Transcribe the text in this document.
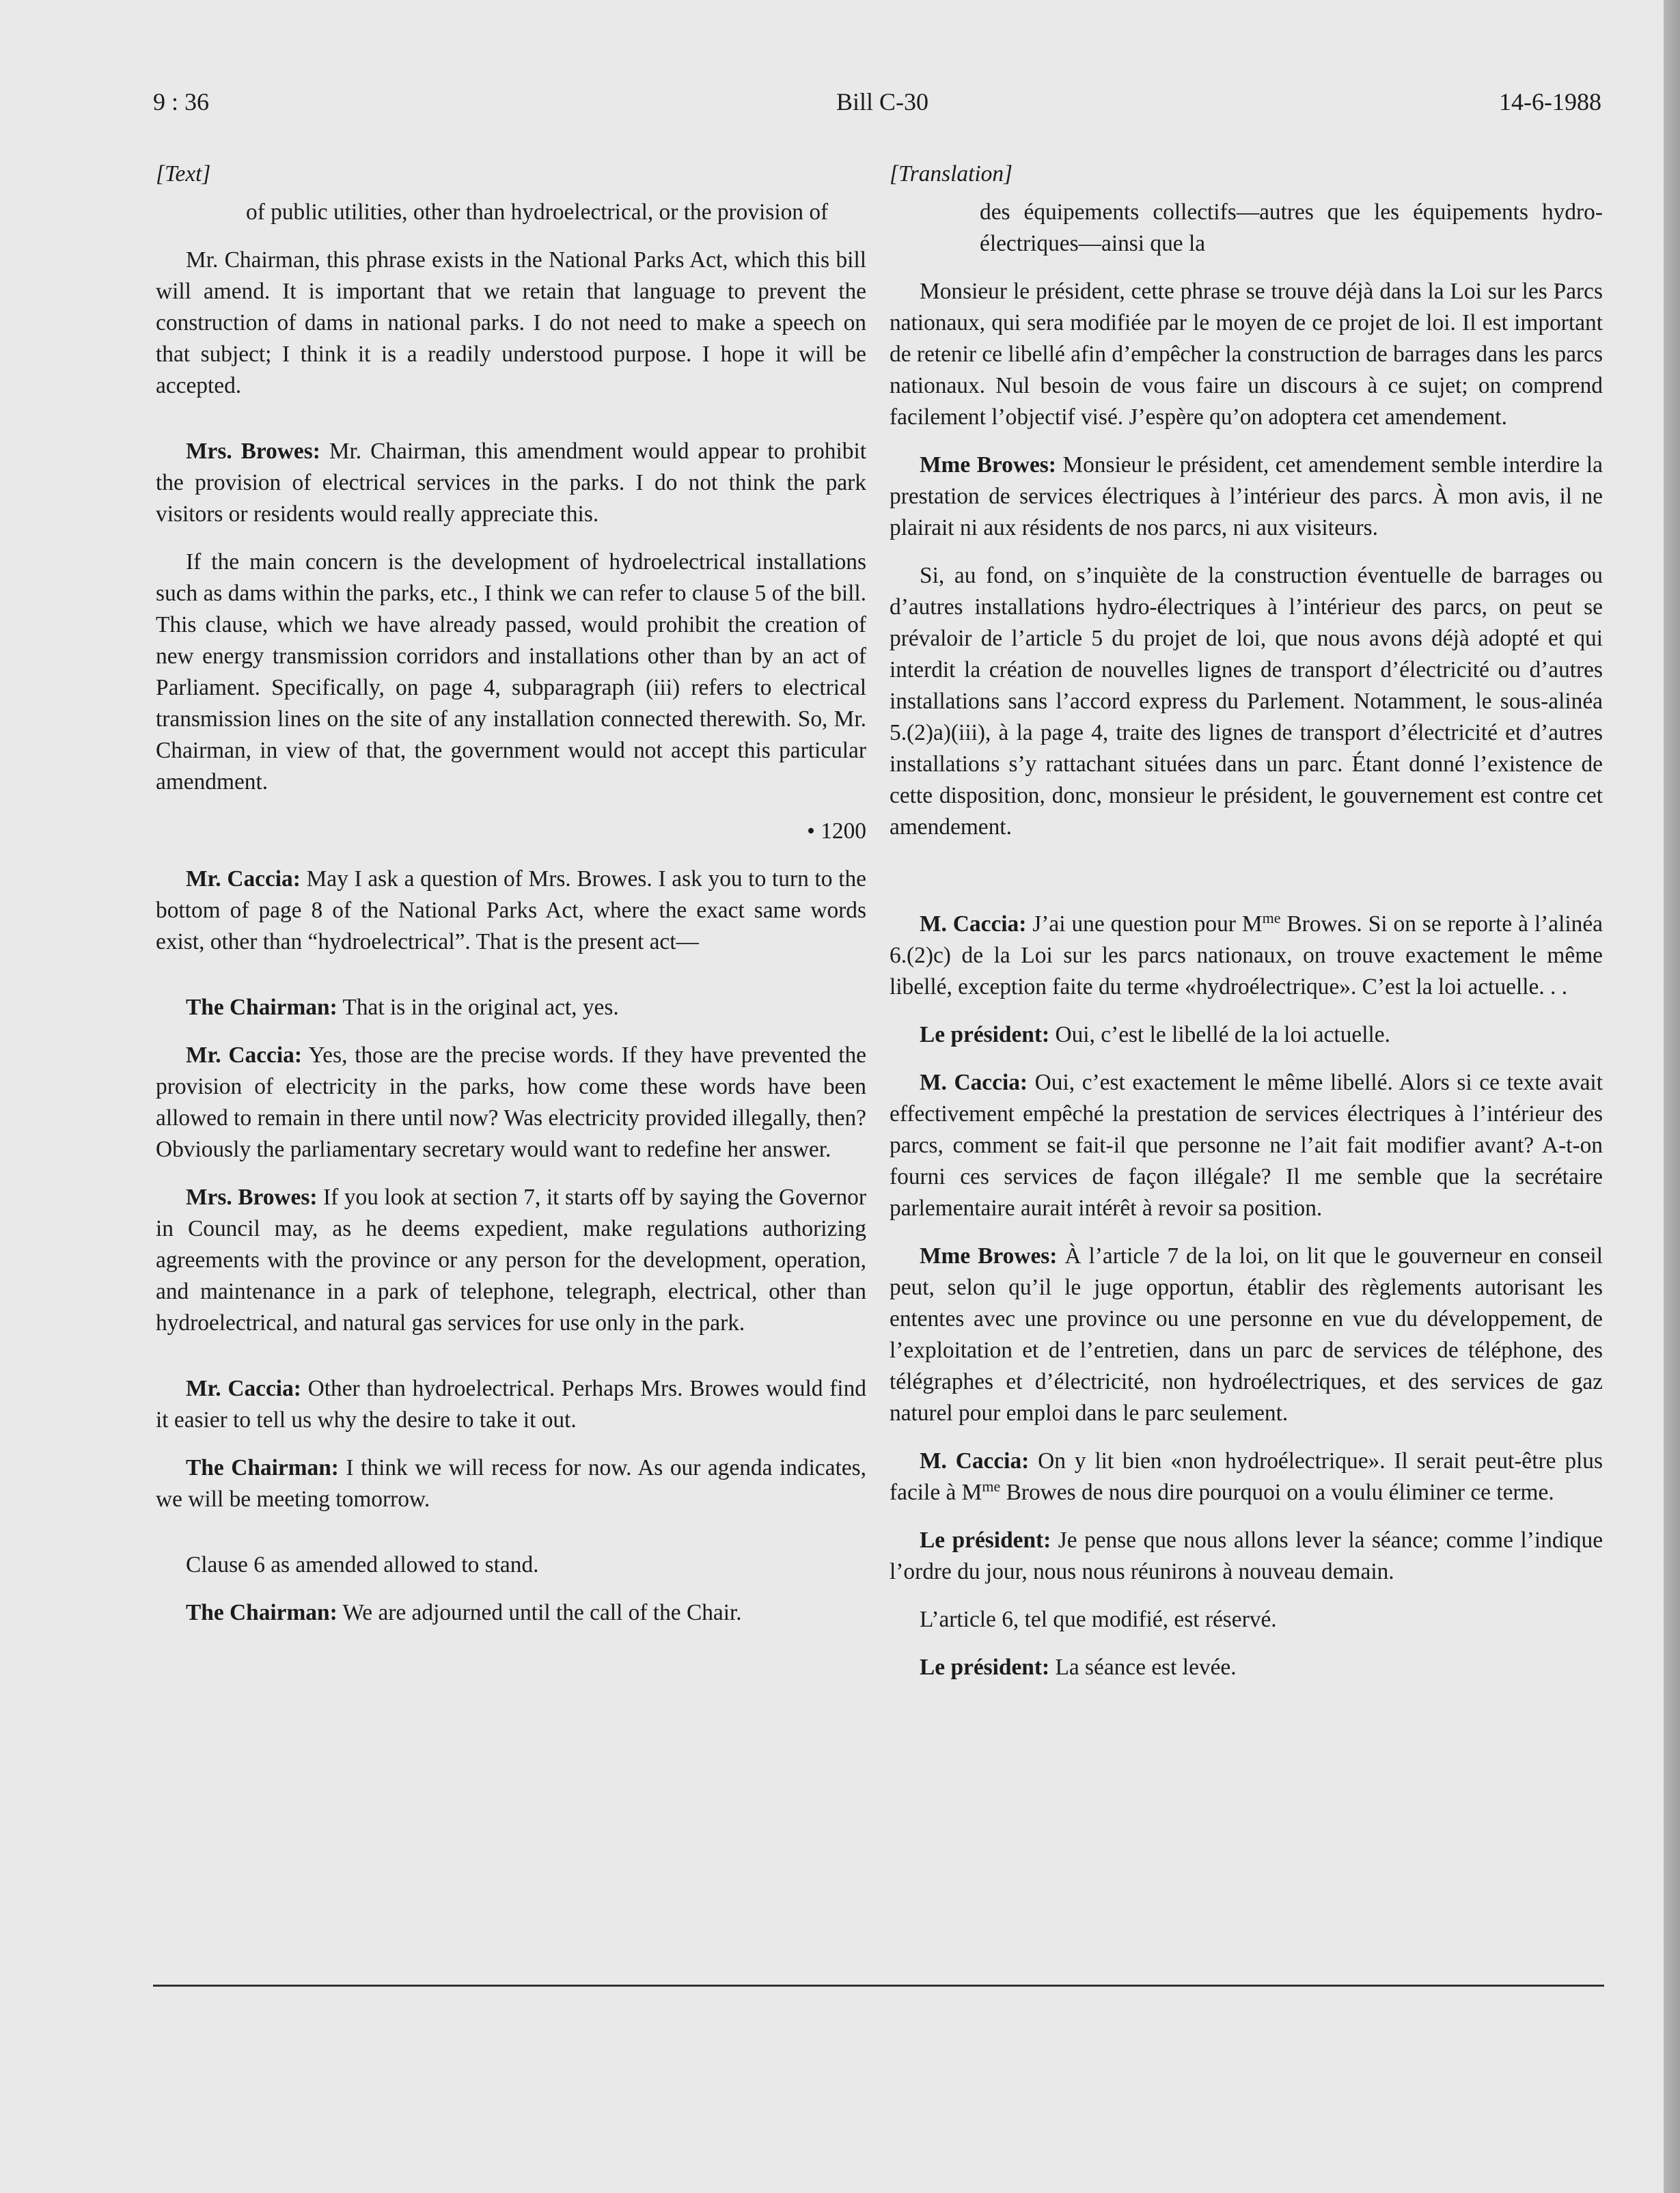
9 : 36	Bill C-30	14-6-1988
[Text]

of public utilities, other than hydroelectrical, or the provision of

Mr. Chairman, this phrase exists in the National Parks Act, which this bill will amend. It is important that we retain that language to prevent the construction of dams in national parks. I do not need to make a speech on that subject; I think it is a readily understood purpose. I hope it will be accepted.

Mrs. Browes: Mr. Chairman, this amendment would appear to prohibit the provision of electrical services in the parks. I do not think the park visitors or residents would really appreciate this.

If the main concern is the development of hydroelectrical installations such as dams within the parks, etc., I think we can refer to clause 5 of the bill. This clause, which we have already passed, would prohibit the creation of new energy transmission corridors and installations other than by an act of Parliament. Specifically, on page 4, subparagraph (iii) refers to electrical transmission lines on the site of any installation connected therewith. So, Mr. Chairman, in view of that, the government would not accept this particular amendment.

• 1200

Mr. Caccia: May I ask a question of Mrs. Browes. I ask you to turn to the bottom of page 8 of the National Parks Act, where the exact same words exist, other than “hydroelectrical”. That is the present act—

The Chairman: That is in the original act, yes.

Mr. Caccia: Yes, those are the precise words. If they have prevented the provision of electricity in the parks, how come these words have been allowed to remain in there until now? Was electricity provided illegally, then? Obviously the parliamentary secretary would want to redefine her answer.

Mrs. Browes: If you look at section 7, it starts off by saying the Governor in Council may, as he deems expedient, make regulations authorizing agreements with the province or any person for the development, operation, and maintenance in a park of telephone, telegraph, electrical, other than hydroelectrical, and natural gas services for use only in the park.

Mr. Caccia: Other than hydroelectrical. Perhaps Mrs. Browes would find it easier to tell us why the desire to take it out.

The Chairman: I think we will recess for now. As our agenda indicates, we will be meeting tomorrow.

Clause 6 as amended allowed to stand.

The Chairman: We are adjourned until the call of the Chair.

[Translation]

des équipements collectifs—autres que les équipements hydro-électriques—ainsi que la

Monsieur le président, cette phrase se trouve déjà dans la Loi sur les Parcs nationaux, qui sera modifiée par le moyen de ce projet de loi. Il est important de retenir ce libellé afin d’empêcher la construction de barrages dans les parcs nationaux. Nul besoin de vous faire un discours à ce sujet; on comprend facilement l’objectif visé. J’espère qu’on adoptera cet amendement.

Mme Browes: Monsieur le président, cet amendement semble interdire la prestation de services électriques à l’intérieur des parcs. À mon avis, il ne plairait ni aux résidents de nos parcs, ni aux visiteurs.

Si, au fond, on s’inquiète de la construction éventuelle de barrages ou d’autres installations hydro-électriques à l’intérieur des parcs, on peut se prévaloir de l’article 5 du projet de loi, que nous avons déjà adopté et qui interdit la création de nouvelles lignes de transport d’électricité ou d’autres installations sans l’accord express du Parlement. Notamment, le sous-alinéa 5.(2)a)(iii), à la page 4, traite des lignes de transport d’électricité et d’autres installations s’y rattachant situées dans un parc. Étant donné l’existence de cette disposition, donc, monsieur le président, le gouvernement est contre cet amendement.

M. Caccia: J’ai une question pour $M^{me}$ Browes. Si on se reporte à l’alinéa 6.(2)c) de la Loi sur les parcs nationaux, on trouve exactement le même libellé, exception faite du terme «hydroélectrique». C’est la loi actuelle. . .

Le président: Oui, c’est le libellé de la loi actuelle.

M. Caccia: Oui, c’est exactement le même libellé. Alors si ce texte avait effectivement empêché la prestation de services électriques à l’intérieur des parcs, comment se fait-il que personne ne l’ait fait modifier avant? A-t-on fourni ces services de façon illégale? Il me semble que la secrétaire parlementaire aurait intérêt à revoir sa position.

Mme Browes: À l’article 7 de la loi, on lit que le gouverneur en conseil peut, selon qu’il le juge opportun, établir des règlements autorisant les ententes avec une province ou une personne en vue du développement, de l’exploitation et de l’entretien, dans un parc de services de téléphone, des télégraphes et d’électricité, non hydroélectriques, et des services de gaz naturel pour emploi dans le parc seulement.

M. Caccia: On y lit bien «non hydroélectrique». Il serait peut-être plus facile à $M^{me}$ Browes de nous dire pourquoi on a voulu éliminer ce terme.

Le président: Je pense que nous allons lever la séance; comme l’indique l’ordre du jour, nous nous réunirons à nouveau demain.

L’article 6, tel que modifié, est réservé.

Le président: La séance est levée.
